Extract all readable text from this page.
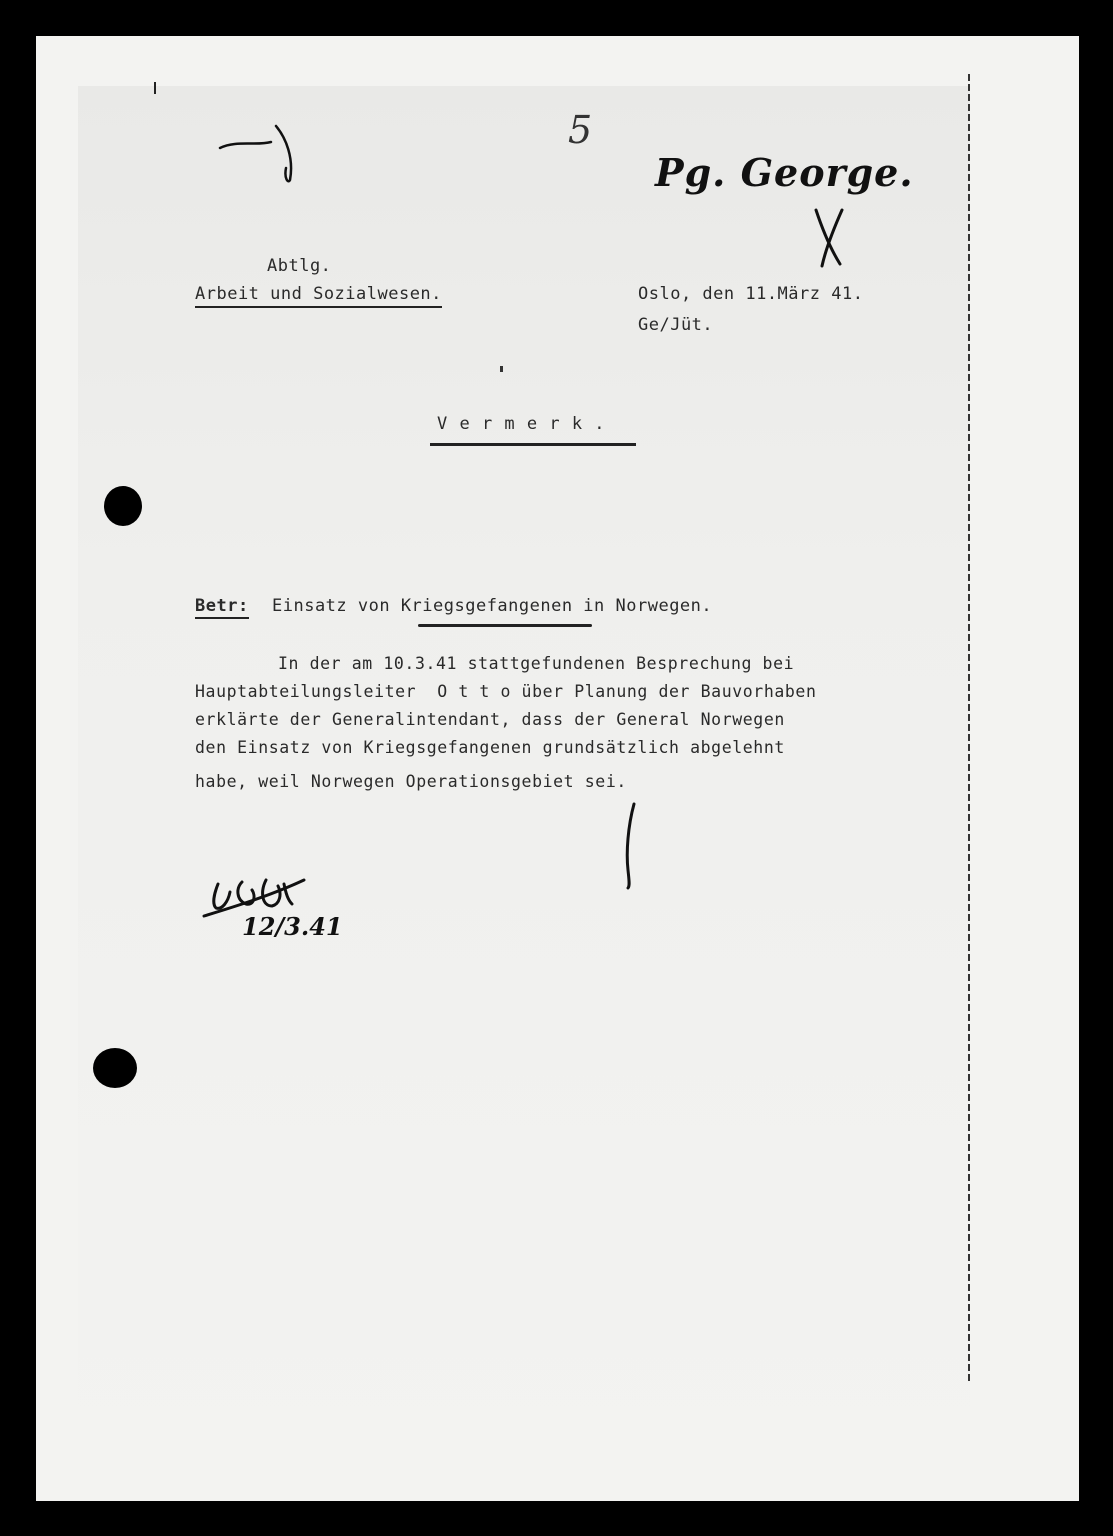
5
Pg. George.
Abtlg.
Arbeit und Sozialwesen.	Oslo, den 11.März 41.
Ge/Jüt.
V e r m e r k .
Betr: Einsatz von Kriegsgefangenen in Norwegen.
In der am 10.3.41 stattgefundenen Besprechung bei
Hauptabteilungsleiter  O t t o über Planung der Bauvorhaben
erklärte der Generalintendant, dass der General Norwegen
den Einsatz von Kriegsgefangenen grundsätzlich abgelehnt
habe, weil Norwegen Operationsgebiet sei.
12/3.41
